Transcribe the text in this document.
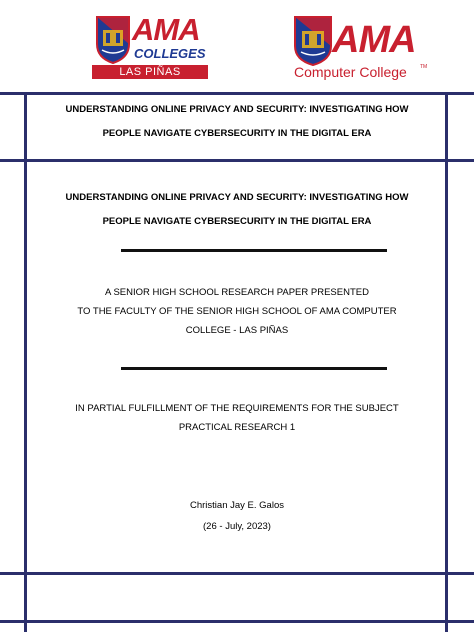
AMA
COLLEGES
LAS PIÑAS
AMA
Computer College	TM
UNDERSTANDING ONLINE PRIVACY AND SECURITY: INVESTIGATING HOW
PEOPLE NAVIGATE CYBERSECURITY IN THE DIGITAL ERA
UNDERSTANDING ONLINE PRIVACY AND SECURITY: INVESTIGATING HOW
PEOPLE NAVIGATE CYBERSECURITY IN THE DIGITAL ERA
A SENIOR HIGH SCHOOL RESEARCH PAPER PRESENTED
TO THE FACULTY OF THE SENIOR HIGH SCHOOL OF AMA COMPUTER
COLLEGE - LAS PIÑAS
IN PARTIAL FULFILLMENT OF THE REQUIREMENTS FOR THE SUBJECT
PRACTICAL RESEARCH 1
Christian Jay E. Galos
(26 - July, 2023)
